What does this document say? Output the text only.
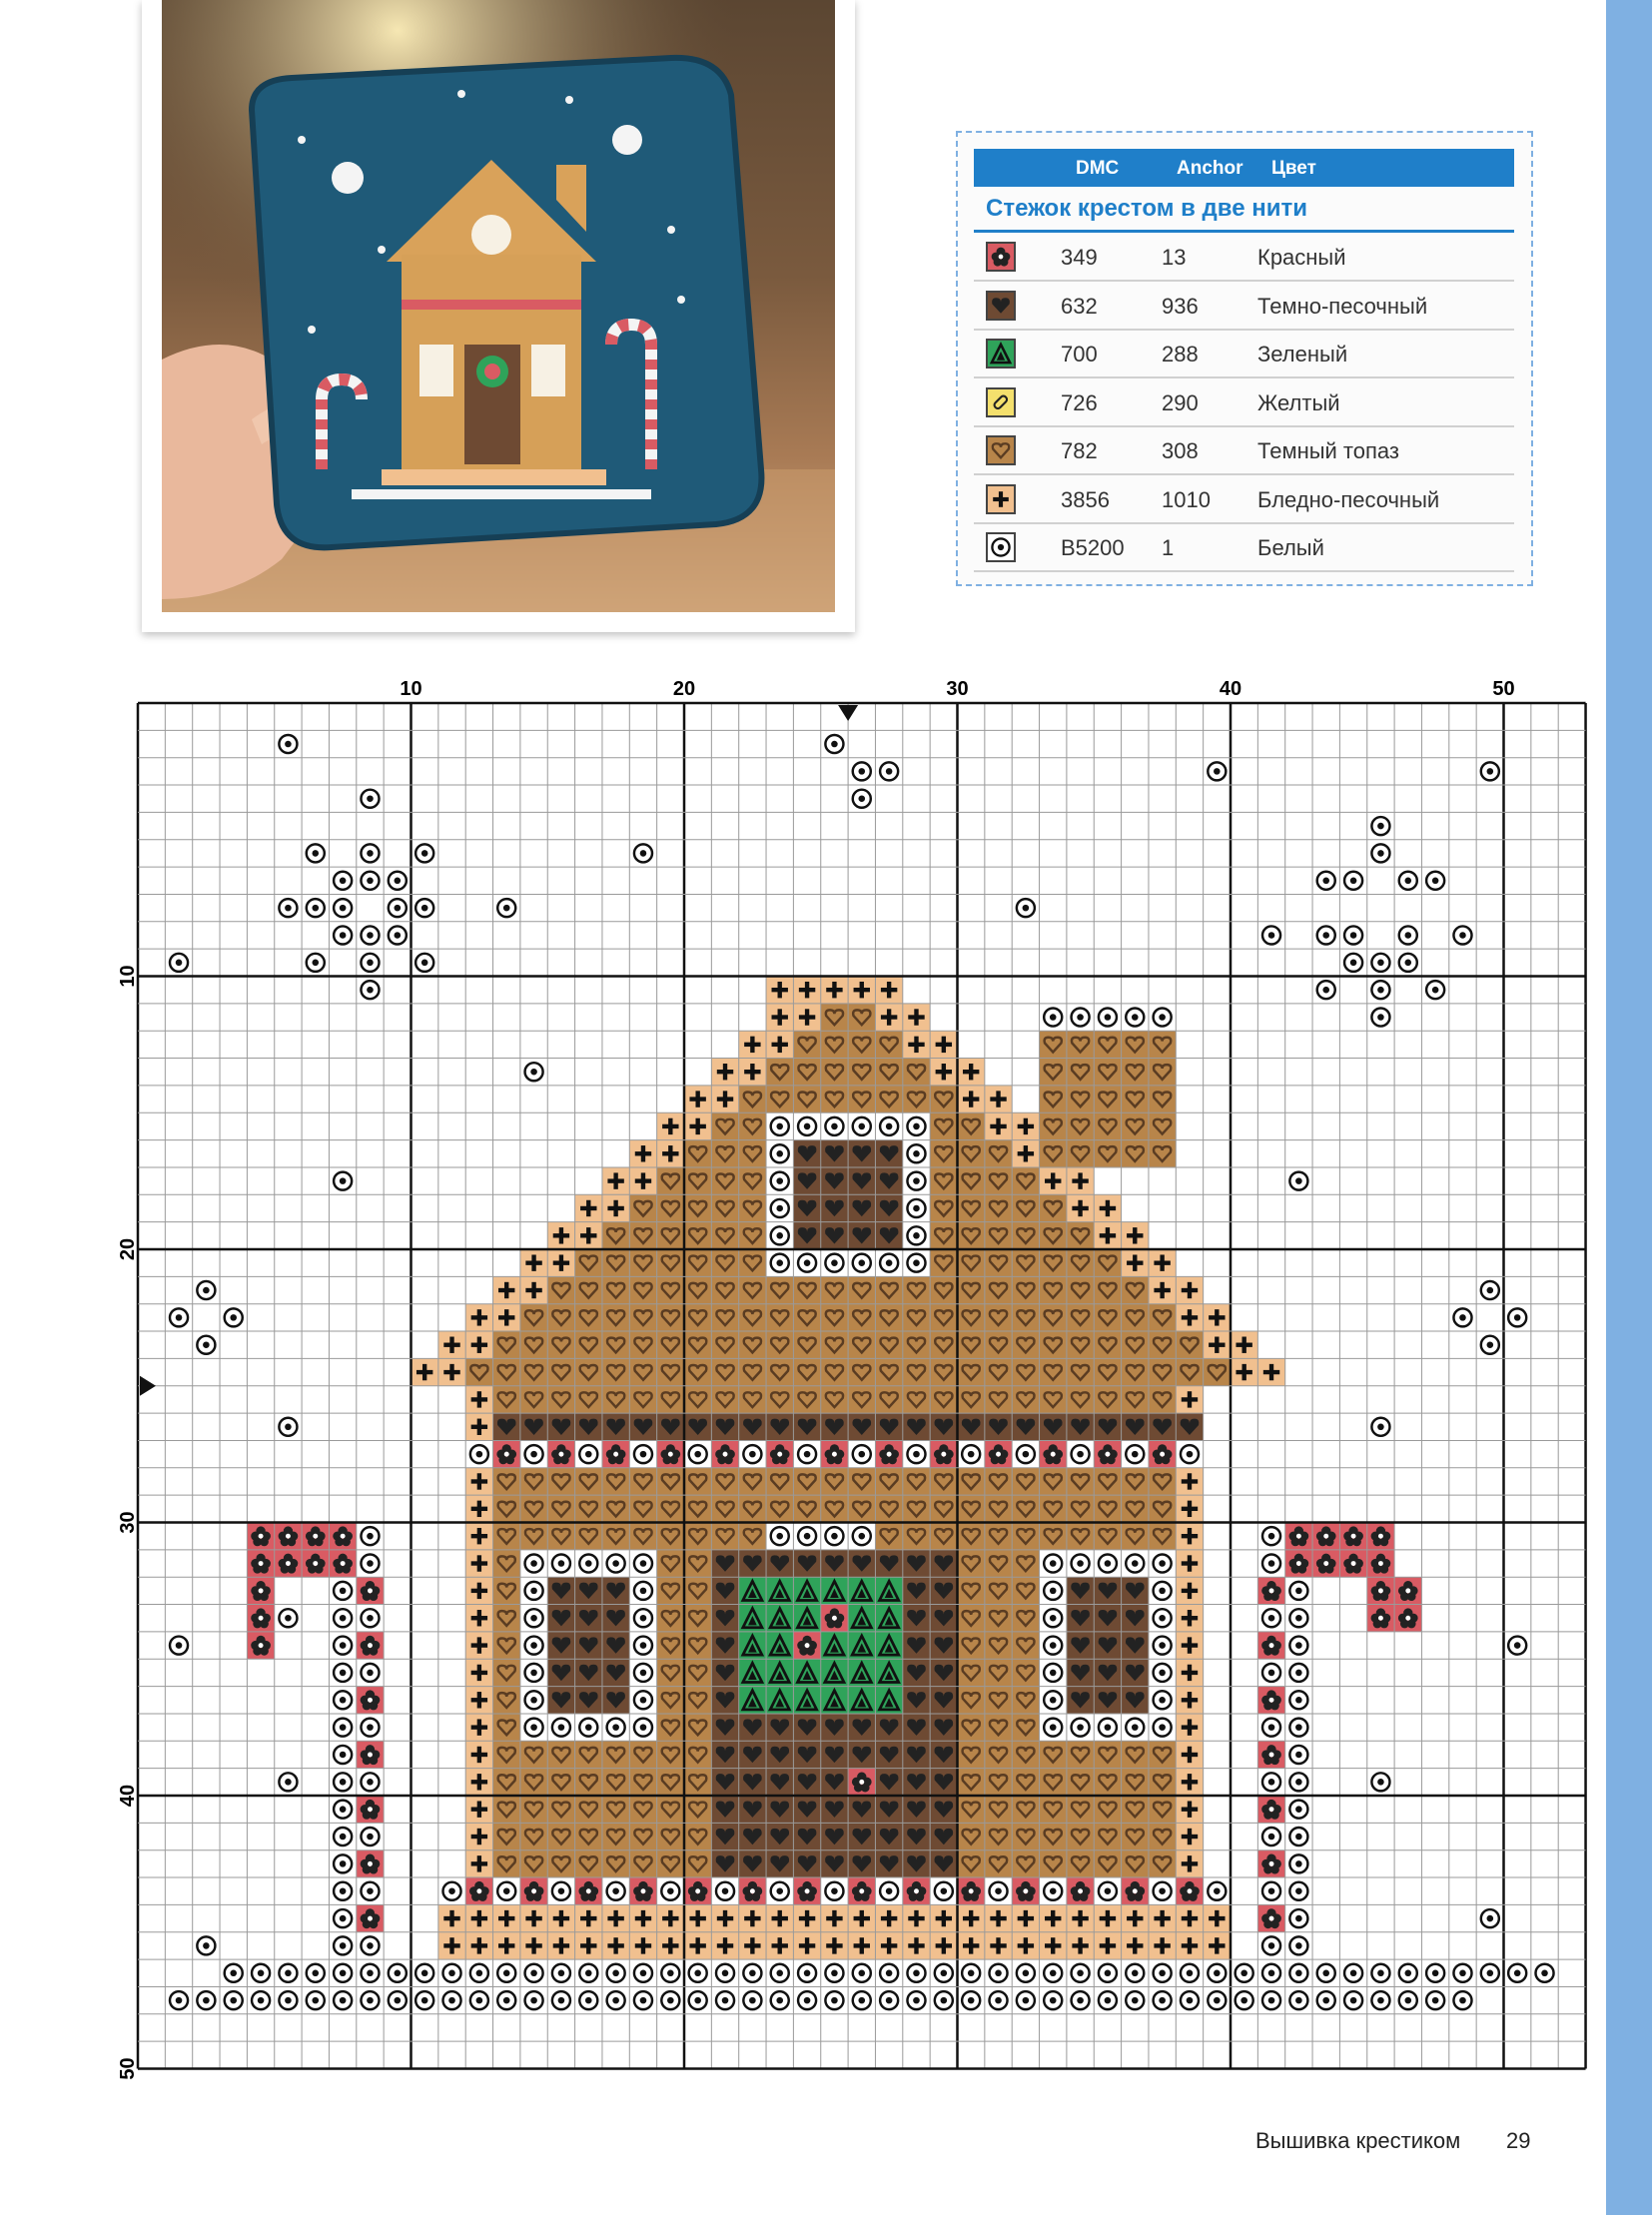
DMC	Anchor Цвет
Стежок крестом в две нити
349	13	Красный
632	936	Темно-песочный
700	288	Зеленый
726	290	Желтый
782	308	Темный топаз
3856 1010 Бледно-песочный
B5200 1	Белый
10	20	30	40	50
10
20
30
40
50
Вышивка крестиком 29
